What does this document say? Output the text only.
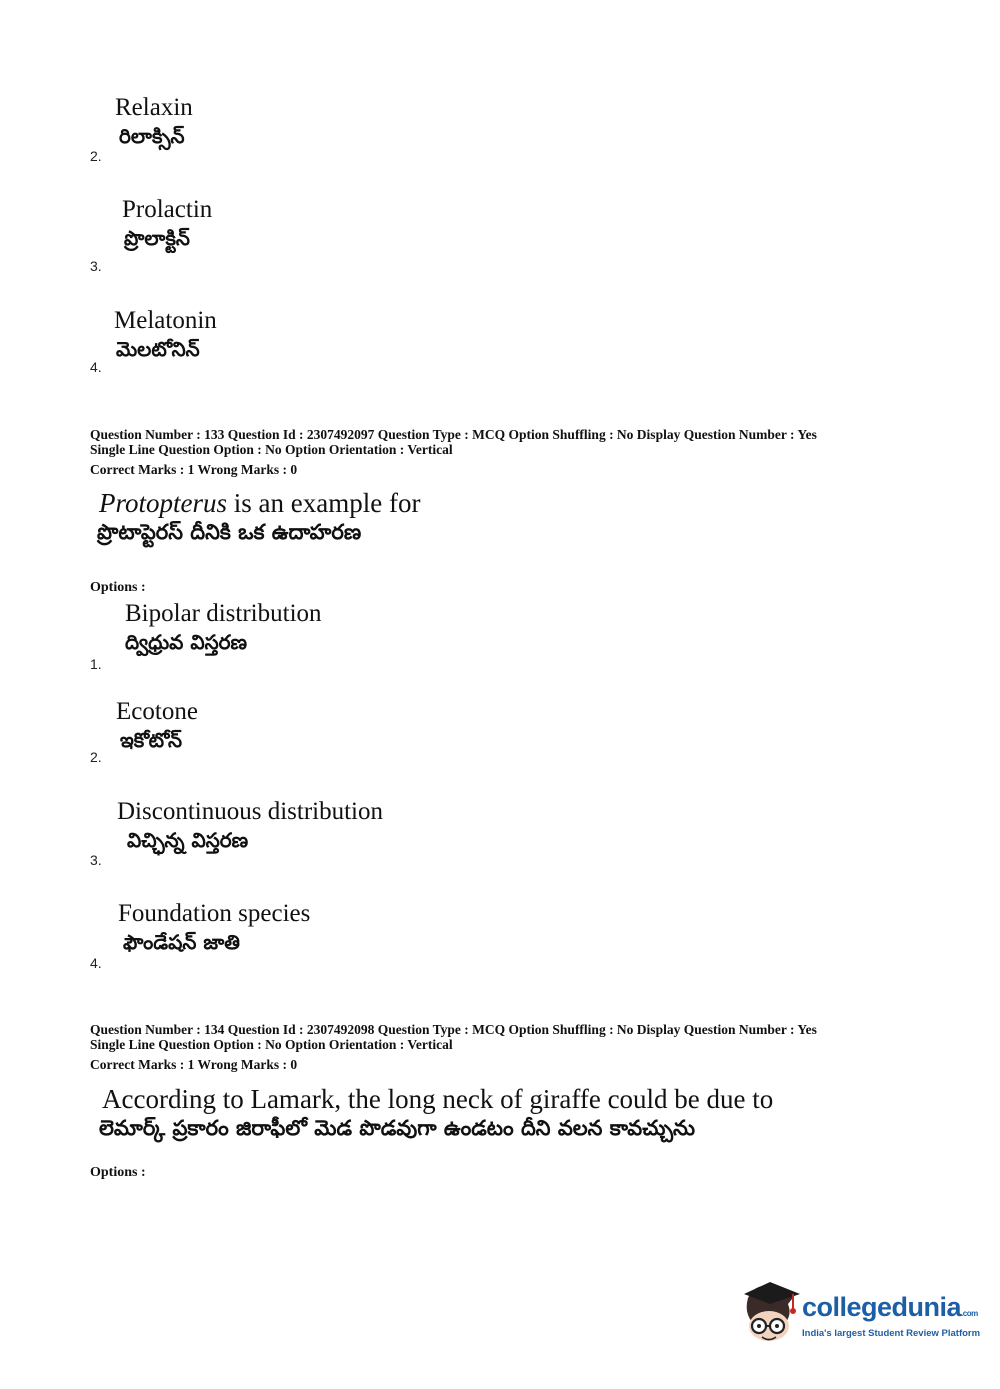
Relaxin
రిలాక్సిన్
2.
Prolactin
ప్రొలాక్టిన్
3.
Melatonin
మెలటోనిన్
4.
Question Number : 133 Question Id : 2307492097 Question Type : MCQ Option Shuffling : No Display Question Number : Yes
Single Line Question Option : No Option Orientation : Vertical
Correct Marks : 1 Wrong Marks : 0
Protopterus is an example for
ప్రొటాప్టెరస్ దీనికి ఒక ఉదాహరణ
Options :
Bipolar distribution
ద్విధ్రువ విస్తరణ
1.
Ecotone
ఇకోటోన్
2.
Discontinuous distribution
విచ్ఛిన్న విస్తరణ
3.
Foundation species
ఫౌండేషన్ జాతి
4.
Question Number : 134 Question Id : 2307492098 Question Type : MCQ Option Shuffling : No Display Question Number : Yes
Single Line Question Option : No Option Orientation : Vertical
Correct Marks : 1 Wrong Marks : 0
According to Lamark, the long neck of giraffe could be due to
లెమార్క్ ప్రకారం జిరాఫీలో మెడ పొడవుగా ఉండటం దీని వలన కావచ్చును
Options :
collegedunia.com
India's largest Student Review Platform
